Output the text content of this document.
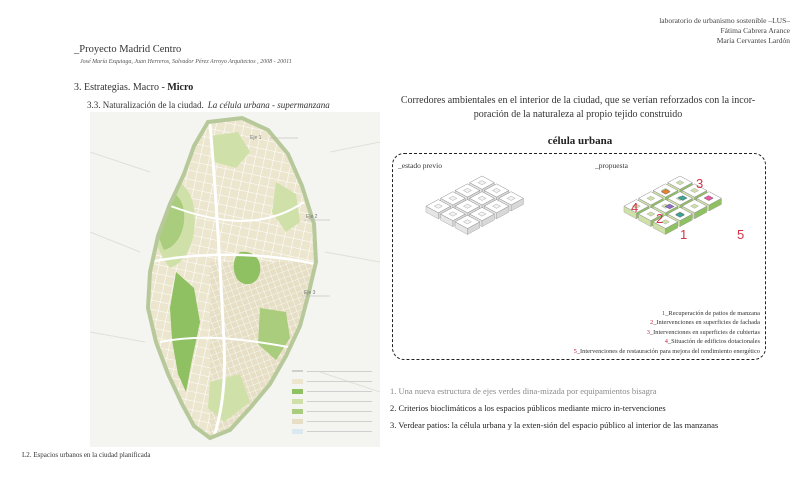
laboratorio de urbanismo sostenible –LUS–
Fátima Cabrera Arance
María Cervantes Lardón
_Proyecto Madrid Centro
José María Ezquiaga, Juan Herreros, Salvador Pérez Arroyo Arquitectos , 2008 - 20011
3. Estrategias. Macro - Micro
3.3. Naturalización de la ciudad. La célula urbana - supermanzana
Eje 1
Eje 2
Eje 3
L2. Espacios urbanos en la ciudad planificada
Corredores ambientales en el interior de la ciudad, que se verían reforzados con la incor-
poración de la naturaleza al propio tejido construido
célula urbana
_estado previo	_propuesta
3
4
2
1	5
1_Recuperación de patios de manzana
2_Intervenciones en superficies de fachada
3_Intervenciones en superficies de cubiertas
4_Situación de edificios dotacionales
5_Intervenciones de restauración para mejora del rendimiento energético
1. Una nueva estructura de ejes verdes dina-mizada por equipamientos bisagra
2. Criterios bioclimáticos a los espacios públicos mediante micro in-tervenciones
3. Verdear patios: la célula urbana y la exten-sión del espacio público al interior de las manzanas
